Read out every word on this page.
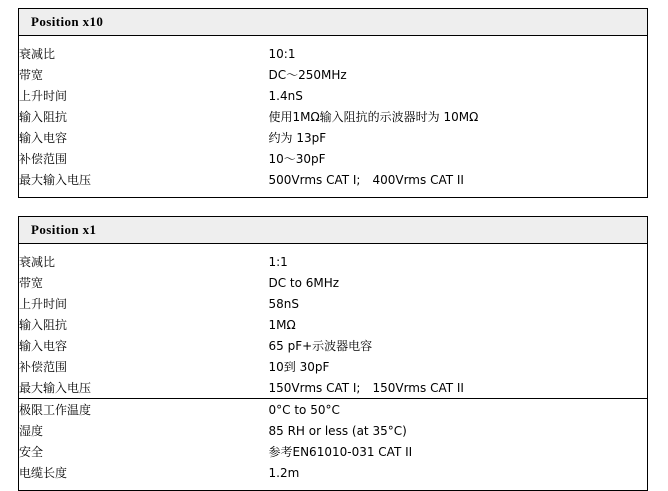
Position x10	

衰减比	10:1
带宽	DC～250MHz
上升时间	1.4nS
输入阻抗	使用1MΩ输入阻抗的示波器时为 10MΩ
输入电容	约为 13pF
补偿范围	10～30pF
最大输入电压	500Vrms CAT I;　400Vrms CAT II

Position x1	

衰减比	1:1
带宽	DC to 6MHz
上升时间	58nS
输入阻抗	1MΩ
输入电容	65 pF+示波器电容
补偿范围	10到 30pF
最大输入电压	150Vrms CAT I;　150Vrms CAT II
极限工作温度	0°C to 50°C
湿度	85 RH or less (at 35°C)
安全	参考EN61010-031 CAT II
电缆长度	1.2m
